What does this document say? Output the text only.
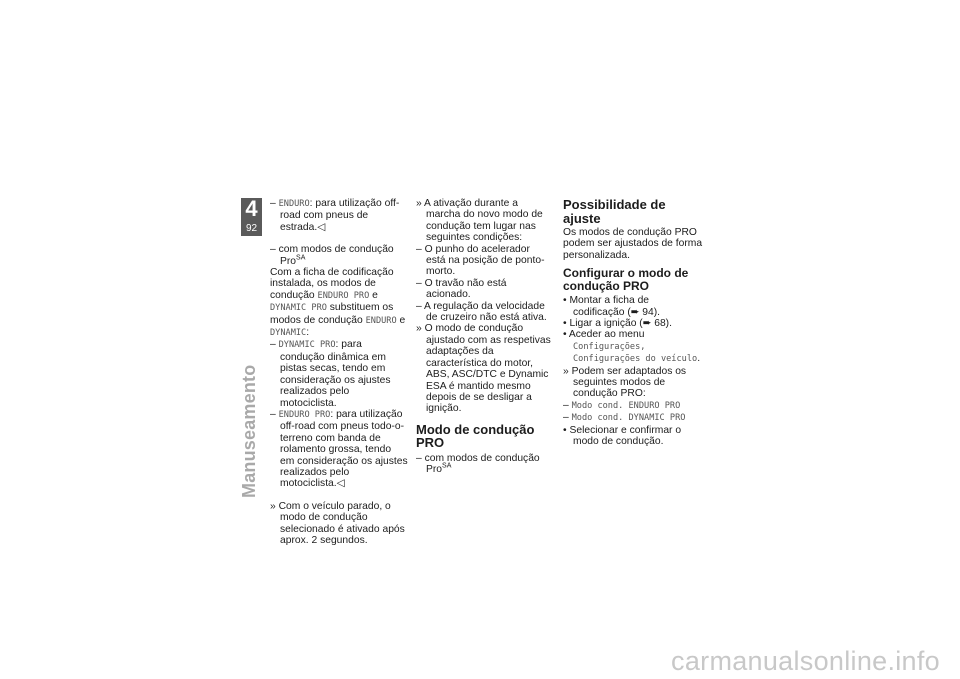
4
92
Manuseamento

– ENDURO: para utilização off-road com pneus de estrada.◁

– com modos de condução Pro$^{SA}$

Com a ficha de codificação instalada, os modos de condução ENDURO PRO e DYNAMIC PRO substituem os modos de condução ENDURO e DYNAMIC:

– DYNAMIC PRO: para condução dinâmica em pistas secas, tendo em consideração os ajustes realizados pelo motociclista.

– ENDURO PRO: para utilização off-road com pneus todo-o-terreno com banda de rolamento grossa, tendo em consideração os ajustes realizados pelo motociclista.◁

» Com o veículo parado, o modo de condução selecionado é ativado após aprox. 2 segundos.

» A ativação durante a marcha do novo modo de condução tem lugar nas seguintes condições:

– O punho do acelerador está na posição de ponto-morto.

– O travão não está acionado.

– A regulação da velocidade de cruzeiro não está ativa.

» O modo de condução ajustado com as respetivas adaptações da característica do motor, ABS, ASC/DTC e Dynamic ESA é mantido mesmo depois de se desligar a ignição.

Modo de condução PRO

– com modos de condução Pro$^{SA}$

Possibilidade de ajuste

Os modos de condução PRO podem ser ajustados de forma personalizada.

Configurar o modo de condução PRO

• Montar a ficha de codificação (➨ 94).

• Ligar a ignição (➨ 68).

• Aceder ao menu Configurações, Configurações do veículo.

» Podem ser adaptados os seguintes modos de condução PRO:

– Modo cond. ENDURO PRO

– Modo cond. DYNAMIC PRO

• Selecionar e confirmar o modo de condução.

carmanualsonline.info
